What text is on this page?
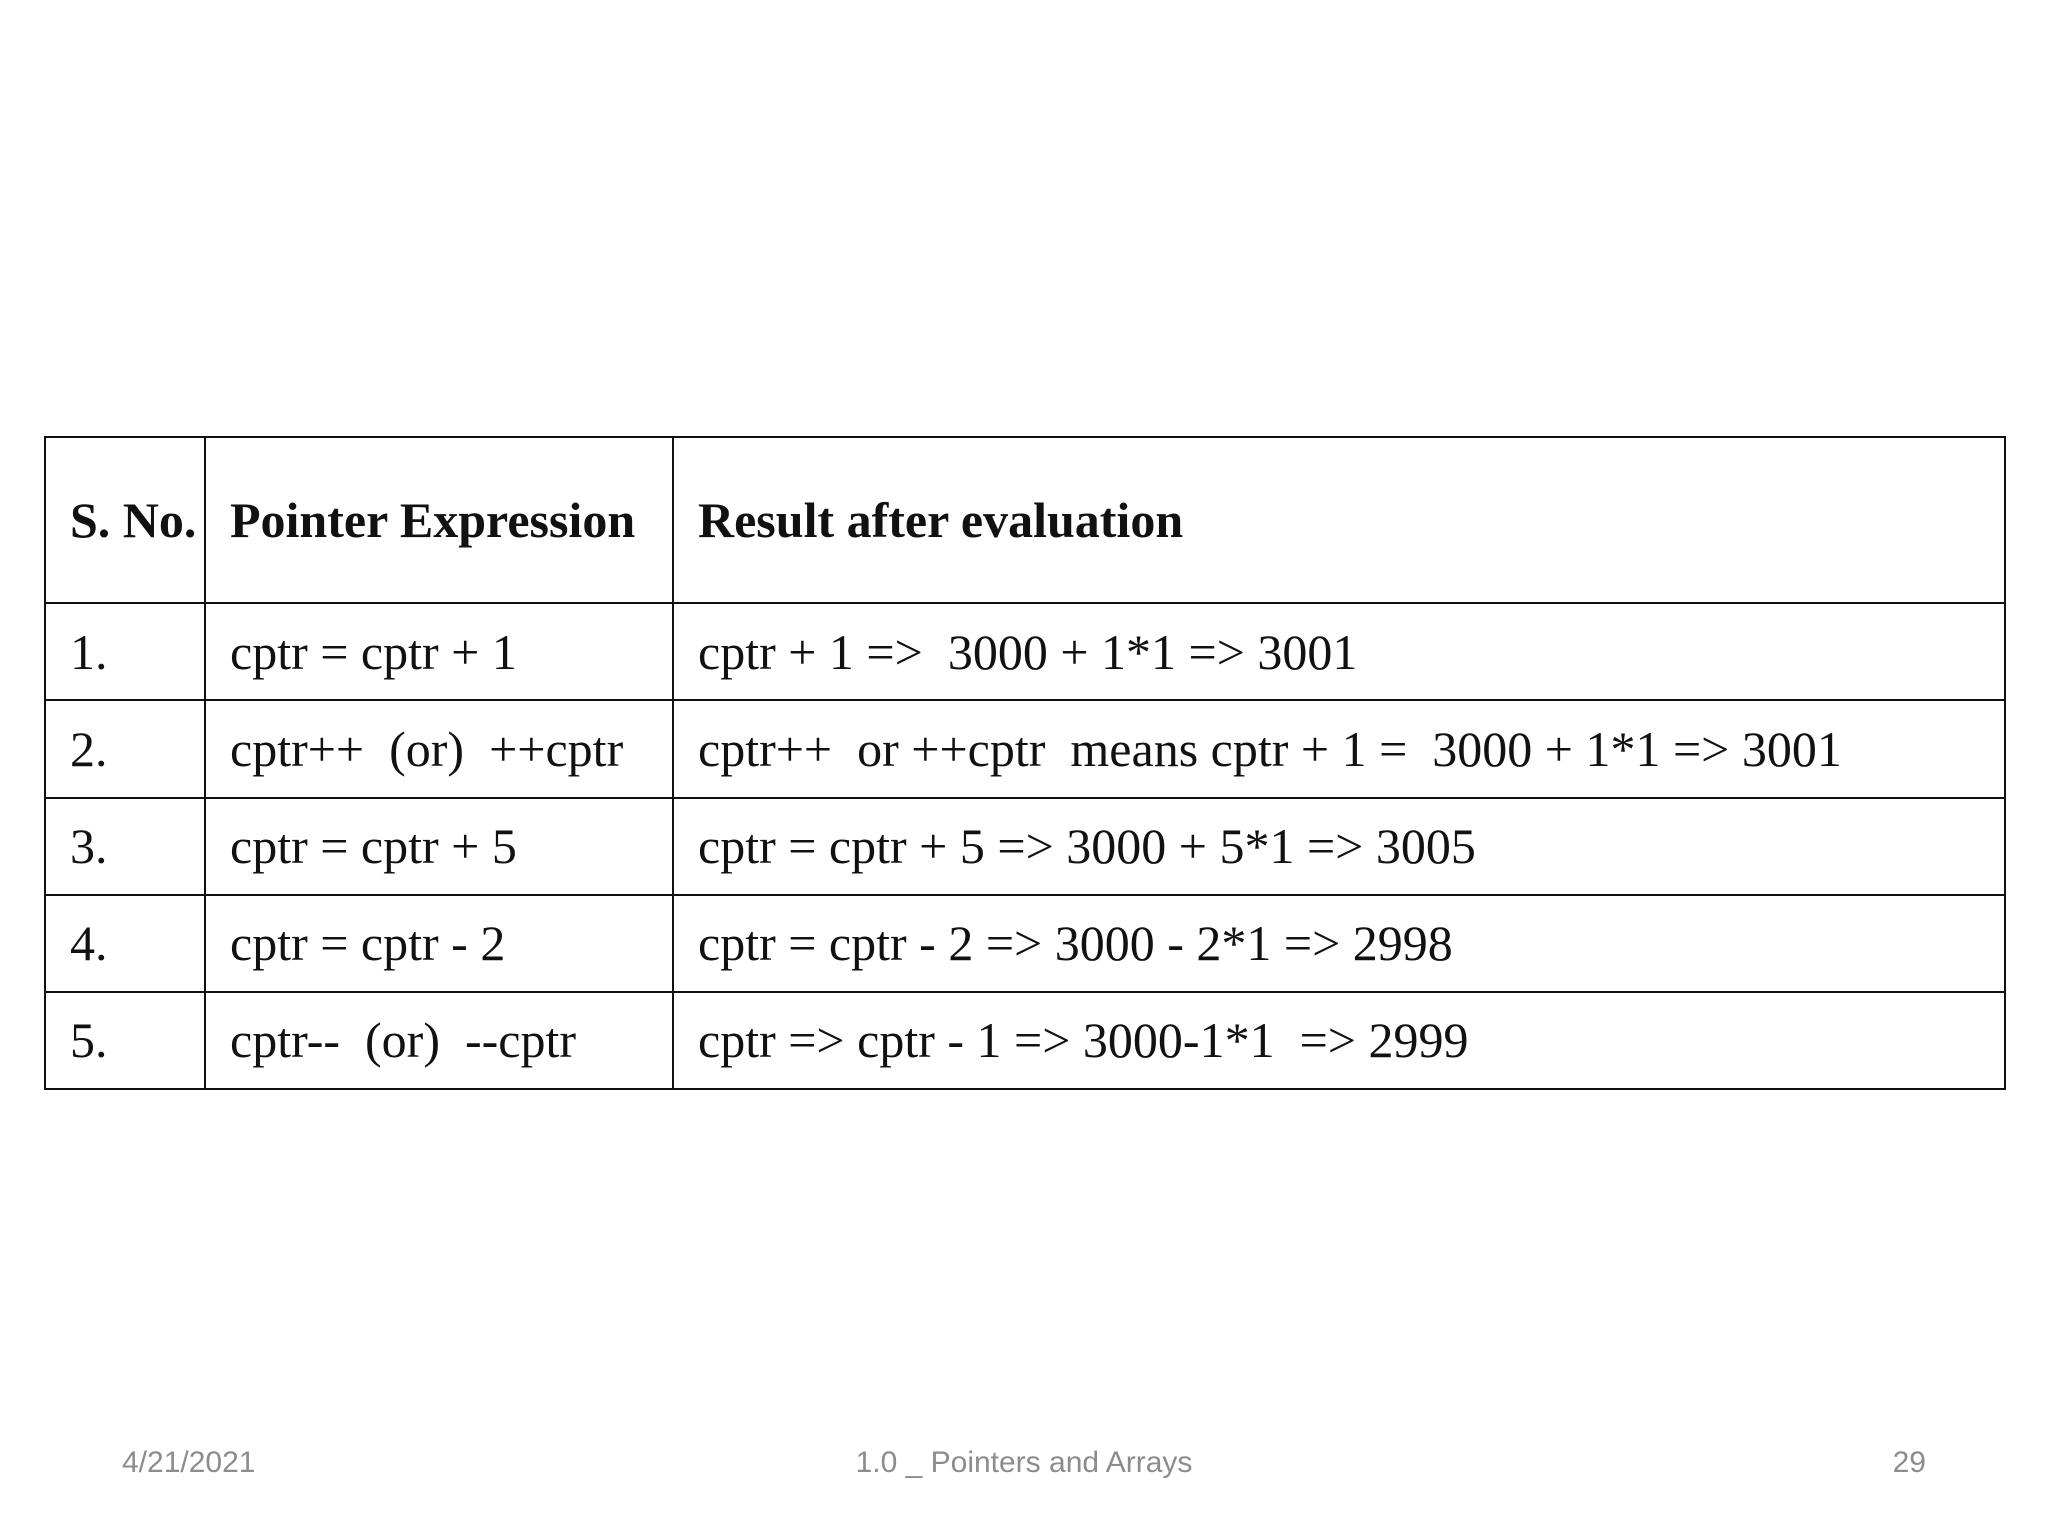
S. No.	Pointer Expression	Result after evaluation
1.	cptr = cptr + 1	cptr + 1 =>  3000 + 1*1 => 3001
2.	cptr++  (or)  ++cptr	cptr++  or ++cptr  means cptr + 1 =  3000 + 1*1 => 3001
3.	cptr = cptr + 5	cptr = cptr + 5 => 3000 + 5*1 => 3005
4.	cptr = cptr - 2	cptr = cptr - 2 => 3000 - 2*1 => 2998
5.	cptr--  (or)  --cptr	cptr => cptr - 1 => 3000-1*1  => 2999
4/21/2021	1.0 _ Pointers and Arrays	29
